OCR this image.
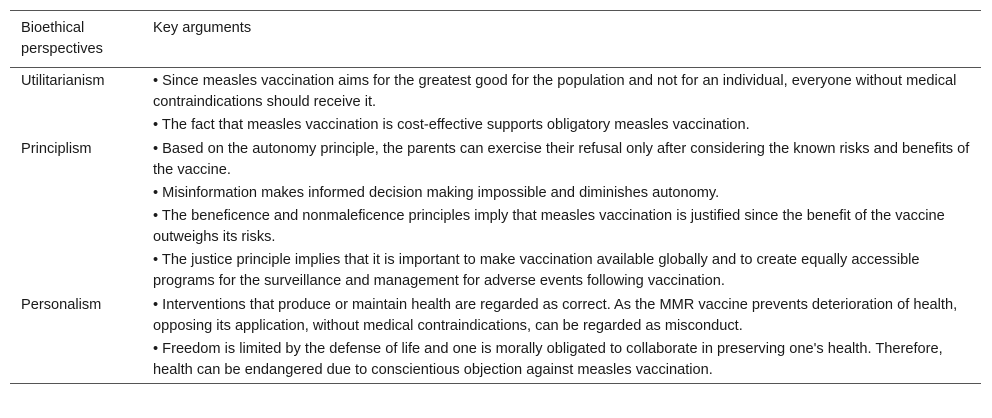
Bioethical perspectives	Key arguments
Utilitarianism	• Since measles vaccination aims for the greatest good for the population and not for an individual, everyone without medical contraindications should receive it.
• The fact that measles vaccination is cost-effective supports obligatory measles vaccination.

Principlism	• Based on the autonomy principle, the parents can exercise their refusal only after considering the known risks and benefits of the vaccine.
• Misinformation makes informed decision making impossible and diminishes autonomy.
• The beneficence and nonmaleficence principles imply that measles vaccination is justified since the benefit of the vaccine outweighs its risks.
• The justice principle implies that it is important to make vaccination available globally and to create equally accessible programs for the surveillance and management for adverse events following vaccination.

Personalism	• Interventions that produce or maintain health are regarded as correct. As the MMR vaccine prevents deterioration of health, opposing its application, without medical contraindications, can be regarded as misconduct.
• Freedom is limited by the defense of life and one is morally obligated to collaborate in preserving one's health. Therefore, health can be endangered due to conscientious objection against measles vaccination.
